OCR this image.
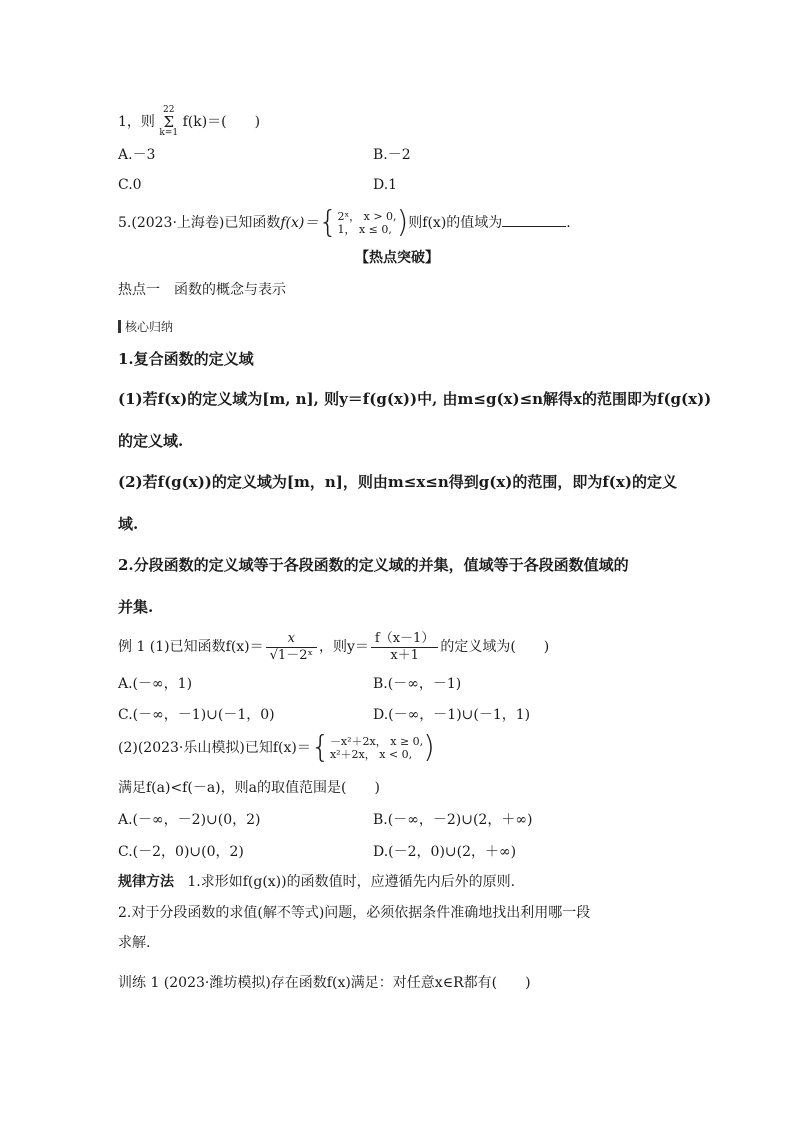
1，则 22
Σ
k=1 f(k)＝(　　)
A.－3	B.－2
C.0	D.1
5.(2023·上海卷)已知函数f(x)＝{ 2ˣ， x > 0,
1， x ≤ 0, )则f(x)的值域为	.
【热点突破】
热点一　函数的概念与表示
核心归纳
1.复合函数的定义域
(1)若f(x)的定义域为[m, n], 则y＝f(g(x))中, 由m≤g(x)≤n解得x的范围即为f(g(x))
的定义域.
(2)若f(g(x))的定义域为[m，n]，则由m≤x≤n得到g(x)的范围，即为f(x)的定义
域.
2.分段函数的定义域等于各段函数的定义域的并集，值域等于各段函数值域的
并集.
例 1 (1)已知函数$f(x)= \frac{x}{\text{√1－2ˣ}}$ ，则$y= \frac{f(x-1)}{x+1}$ 的定义域为(　　)
A.(－∞，1)	B.(－∞，－1)
C.(－∞，－1)∪(－1，0)	D.(－∞，－1)∪(－1，1)
(2)(2023·乐山模拟)已知f(x)＝{ －x²＋2x， x ≥ 0,
x²＋2x， x < 0, )
满足f(a)<f(－a)，则a的取值范围是(　　)
A.(－∞，－2)∪(0，2)	B.(－∞，－2)∪(2，＋∞)
C.(－2，0)∪(0，2)	D.(－2，0)∪(2，＋∞)
规律方法 1.求形如f(g(x))的函数值时，应遵循先内后外的原则.
2.对于分段函数的求值(解不等式)问题，必须依据条件准确地找出利用哪一段
求解.
训练 1 (2023·潍坊模拟)存在函数f(x)满足：对任意x∈R都有(　　)
